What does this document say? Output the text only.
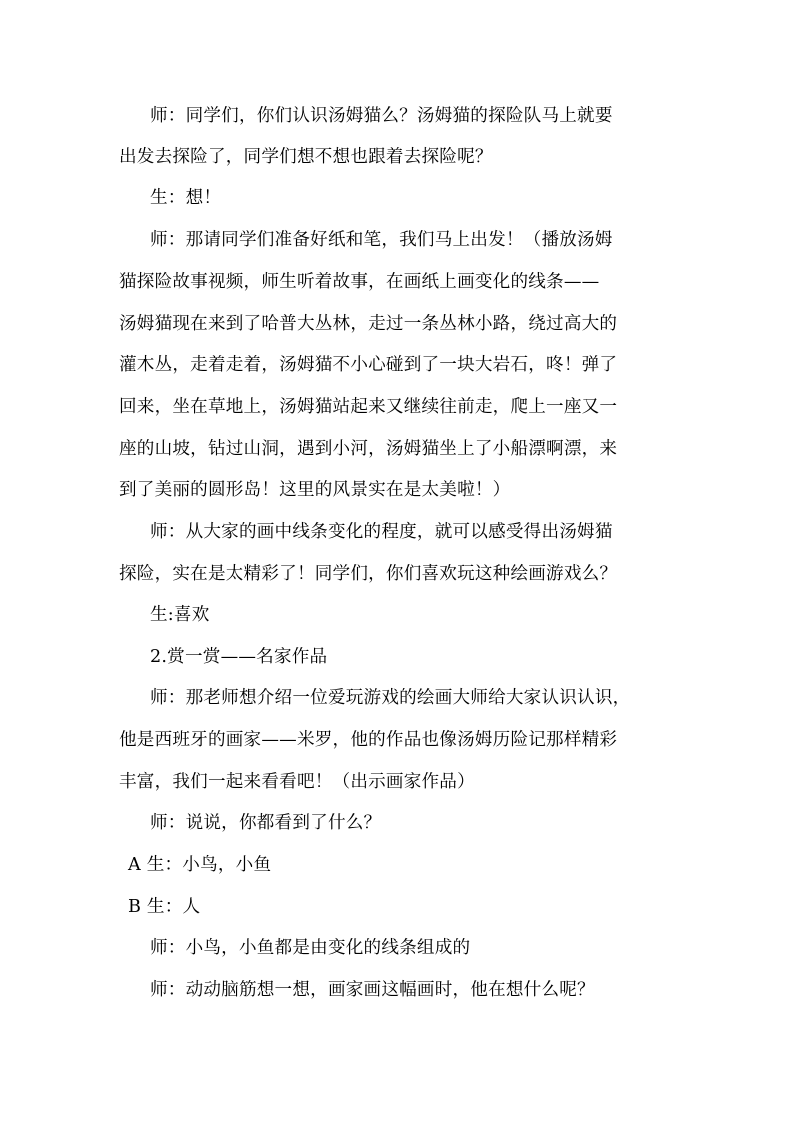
师：同学们，你们认识汤姆猫么？汤姆猫的探险队马上就要
出发去探险了，同学们想不想也跟着去探险呢？
生：想！
师：那请同学们准备好纸和笔，我们马上出发！（播放汤姆
猫探险故事视频，师生听着故事，在画纸上画变化的线条——
汤姆猫现在来到了哈普大丛林，走过一条丛林小路，绕过高大的
灌木丛，走着走着，汤姆猫不小心碰到了一块大岩石，咚！弹了
回来，坐在草地上，汤姆猫站起来又继续往前走，爬上一座又一
座的山坡，钻过山洞，遇到小河，汤姆猫坐上了小船漂啊漂，来
到了美丽的圆形岛！这里的风景实在是太美啦！）
师：从大家的画中线条变化的程度，就可以感受得出汤姆猫
探险，实在是太精彩了！同学们，你们喜欢玩这种绘画游戏么？
生:喜欢
2.赏一赏——名家作品
师：那老师想介绍一位爱玩游戏的绘画大师给大家认识认识，
他是西班牙的画家——米罗，他的作品也像汤姆历险记那样精彩
丰富，我们一起来看看吧！（出示画家作品）
师：说说，你都看到了什么？
A 生：小鸟，小鱼
B 生：人
师：小鸟，小鱼都是由变化的线条组成的
师：动动脑筋想一想，画家画这幅画时，他在想什么呢？
